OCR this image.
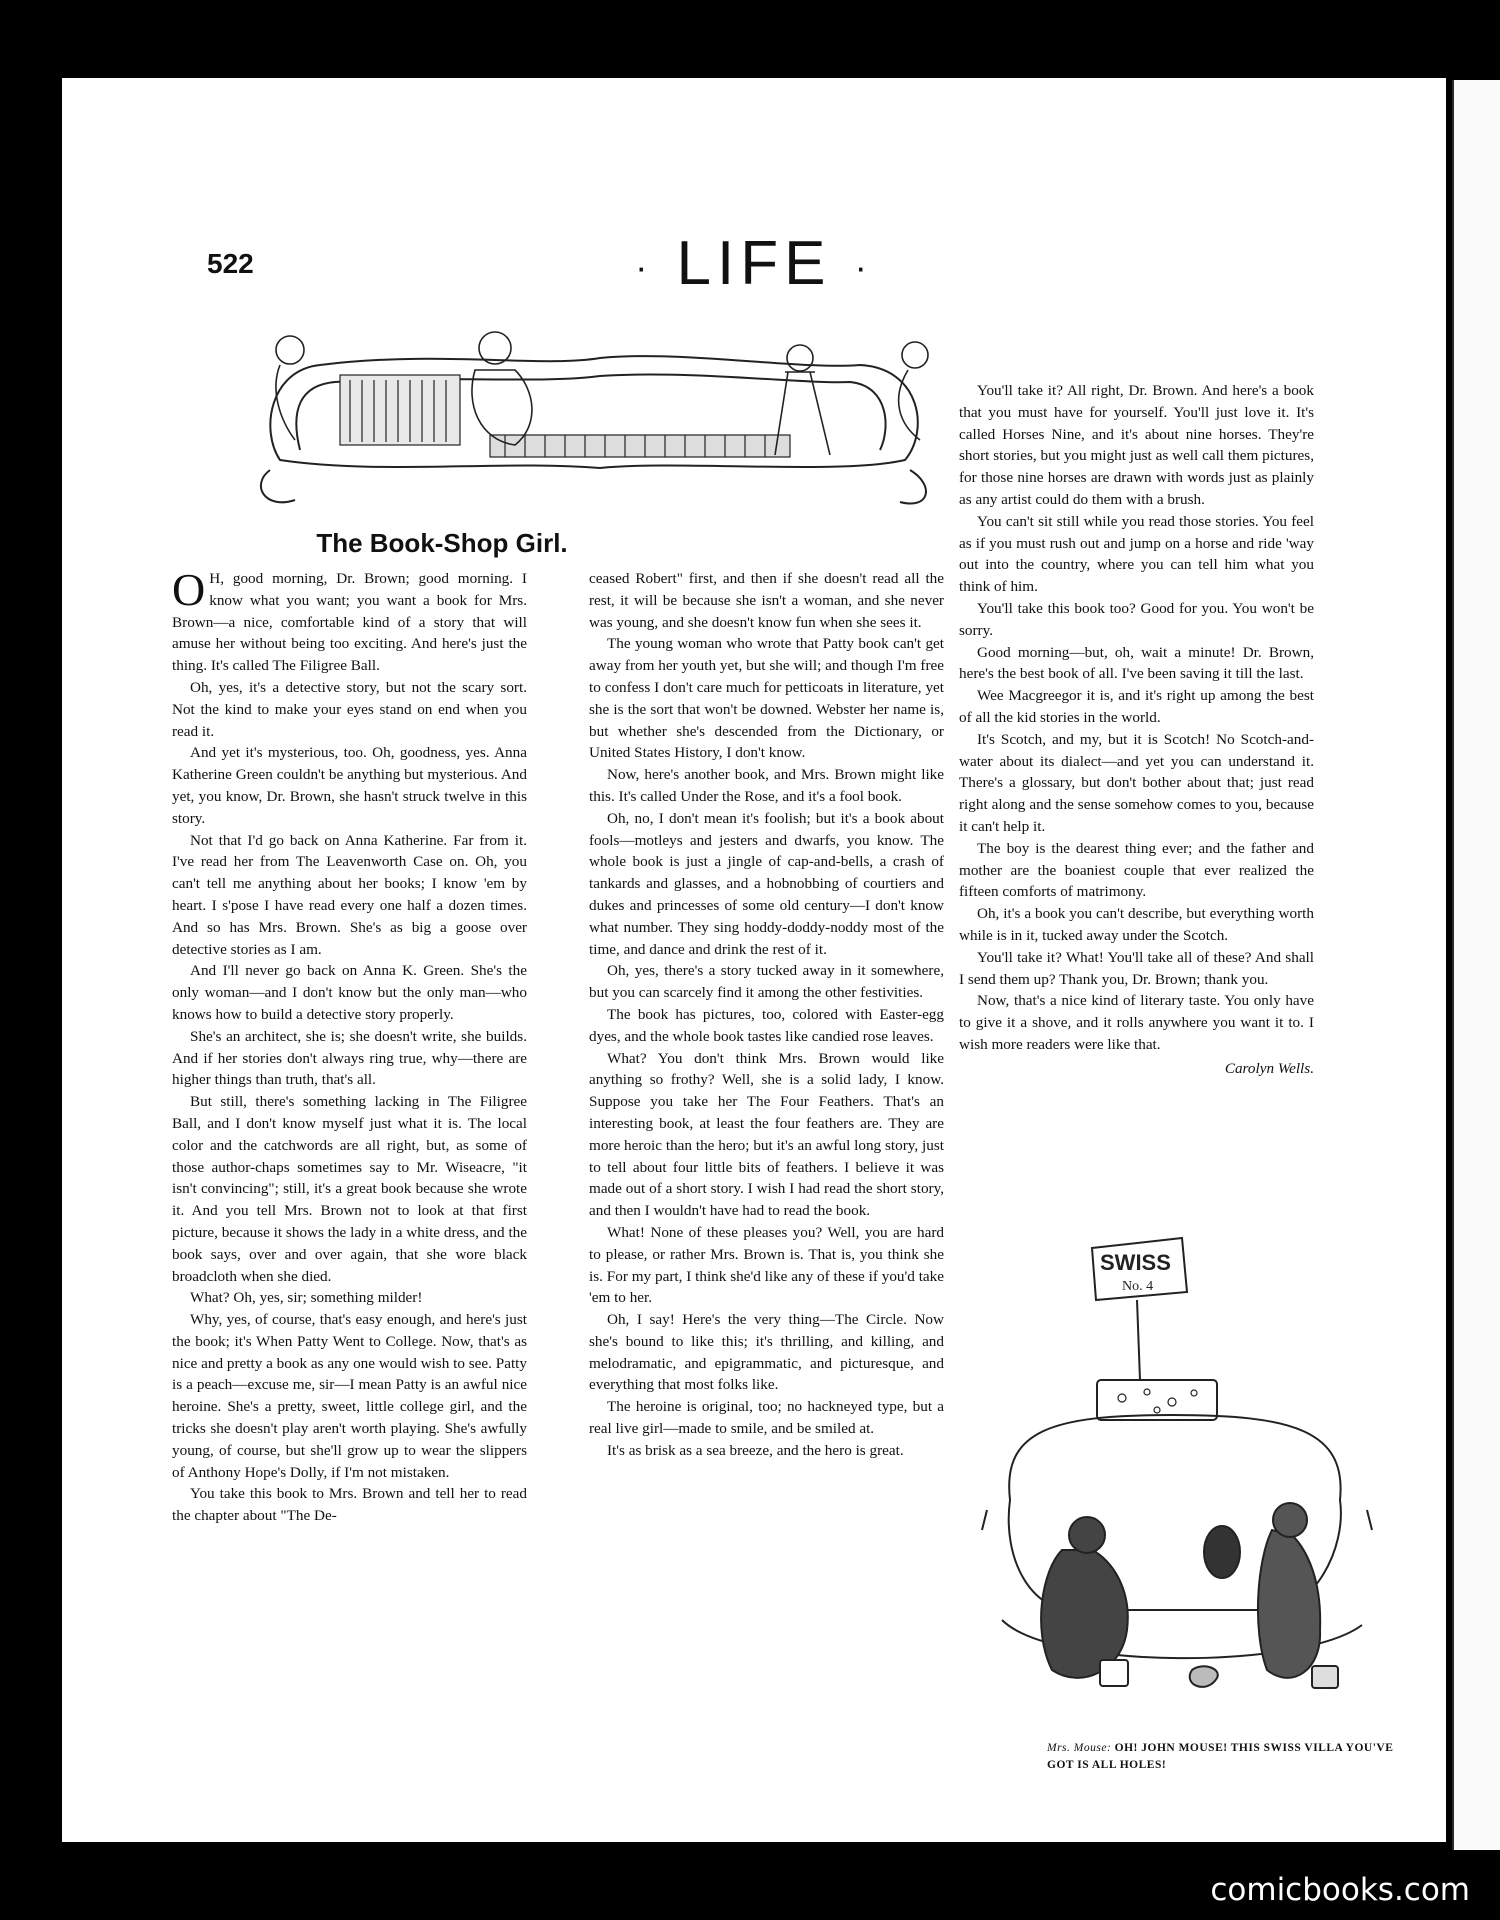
522	· LIFE ·
The Book-Shop Girl.

O H, good morning, Dr. Brown; good morning. I know what you want; you want a book for Mrs. Brown—a nice, comfortable kind of a story that will amuse her without being too exciting. And here's just the thing. It's called The Filigree Ball.

Oh, yes, it's a detective story, but not the scary sort. Not the kind to make your eyes stand on end when you read it.

And yet it's mysterious, too. Oh, goodness, yes. Anna Katherine Green couldn't be anything but mysterious. And yet, you know, Dr. Brown, she hasn't struck twelve in this story.

Not that I'd go back on Anna Katherine. Far from it. I've read her from The Leavenworth Case on. Oh, you can't tell me anything about her books; I know 'em by heart. I s'pose I have read every one half a dozen times. And so has Mrs. Brown. She's as big a goose over detective stories as I am.

And I'll never go back on Anna K. Green. She's the only woman—and I don't know but the only man—who knows how to build a detective story properly.

She's an architect, she is; she doesn't write, she builds. And if her stories don't always ring true, why—there are higher things than truth, that's all.

But still, there's something lacking in The Filigree Ball, and I don't know myself just what it is. The local color and the catchwords are all right, but, as some of those author-chaps sometimes say to Mr. Wiseacre, "it isn't convincing"; still, it's a great book because she wrote it. And you tell Mrs. Brown not to look at that first picture, because it shows the lady in a white dress, and the book says, over and over again, that she wore black broadcloth when she died.

What? Oh, yes, sir; something milder!

Why, yes, of course, that's easy enough, and here's just the book; it's When Patty Went to College. Now, that's as nice and pretty a book as any one would wish to see. Patty is a peach—excuse me, sir—I mean Patty is an awful nice heroine. She's a pretty, sweet, little college girl, and the tricks she doesn't play aren't worth playing. She's awfully young, of course, but she'll grow up to wear the slippers of Anthony Hope's Dolly, if I'm not mistaken.

You take this book to Mrs. Brown and tell her to read the chapter about "The De-

ceased Robert" first, and then if she doesn't read all the rest, it will be because she isn't a woman, and she never was young, and she doesn't know fun when she sees it.

The young woman who wrote that Patty book can't get away from her youth yet, but she will; and though I'm free to confess I don't care much for petticoats in literature, yet she is the sort that won't be downed. Webster her name is, but whether she's descended from the Dictionary, or United States History, I don't know.

Now, here's another book, and Mrs. Brown might like this. It's called Under the Rose, and it's a fool book.

Oh, no, I don't mean it's foolish; but it's a book about fools—motleys and jesters and dwarfs, you know. The whole book is just a jingle of cap-and-bells, a crash of tankards and glasses, and a hobnobbing of courtiers and dukes and princesses of some old century—I don't know what number. They sing hoddy-doddy-noddy most of the time, and dance and drink the rest of it.

Oh, yes, there's a story tucked away in it somewhere, but you can scarcely find it among the other festivities.

The book has pictures, too, colored with Easter-egg dyes, and the whole book tastes like candied rose leaves.

What? You don't think Mrs. Brown would like anything so frothy? Well, she is a solid lady, I know. Suppose you take her The Four Feathers. That's an interesting book, at least the four feathers are. They are more heroic than the hero; but it's an awful long story, just to tell about four little bits of feathers. I believe it was made out of a short story. I wish I had read the short story, and then I wouldn't have had to read the book.

What! None of these pleases you? Well, you are hard to please, or rather Mrs. Brown is. That is, you think she is. For my part, I think she'd like any of these if you'd take 'em to her.

Oh, I say! Here's the very thing—The Circle. Now she's bound to like this; it's thrilling, and killing, and melodramatic, and epigrammatic, and picturesque, and everything that most folks like.

The heroine is original, too; no hackneyed type, but a real live girl—made to smile, and be smiled at.

It's as brisk as a sea breeze, and the hero is great.

You'll take it? All right, Dr. Brown. And here's a book that you must have for yourself. You'll just love it. It's called Horses Nine, and it's about nine horses. They're short stories, but you might just as well call them pictures, for those nine horses are drawn with words just as plainly as any artist could do them with a brush.

You can't sit still while you read those stories. You feel as if you must rush out and jump on a horse and ride 'way out into the country, where you can tell him what you think of him.

You'll take this book too? Good for you. You won't be sorry.

Good morning—but, oh, wait a minute! Dr. Brown, here's the best book of all. I've been saving it till the last.

Wee Macgreegor it is, and it's right up among the best of all the kid stories in the world.

It's Scotch, and my, but it is Scotch! No Scotch-and-water about its dialect—and yet you can understand it. There's a glossary, but don't bother about that; just read right along and the sense somehow comes to you, because it can't help it.

The boy is the dearest thing ever; and the father and mother are the boaniest couple that ever realized the fifteen comforts of matrimony.

Oh, it's a book you can't describe, but everything worth while is in it, tucked away under the Scotch.

You'll take it? What! You'll take all of these? And shall I send them up? Thank you, Dr. Brown; thank you.

Now, that's a nice kind of literary taste. You only have to give it a shove, and it rolls anywhere you want it to. I wish more readers were like that.

Carolyn Wells.
SWISS
No. 4

Mrs. Mouse: OH! JOHN MOUSE! THIS SWISS VILLA YOU'VE GOT IS ALL HOLES!

comicbooks.com
